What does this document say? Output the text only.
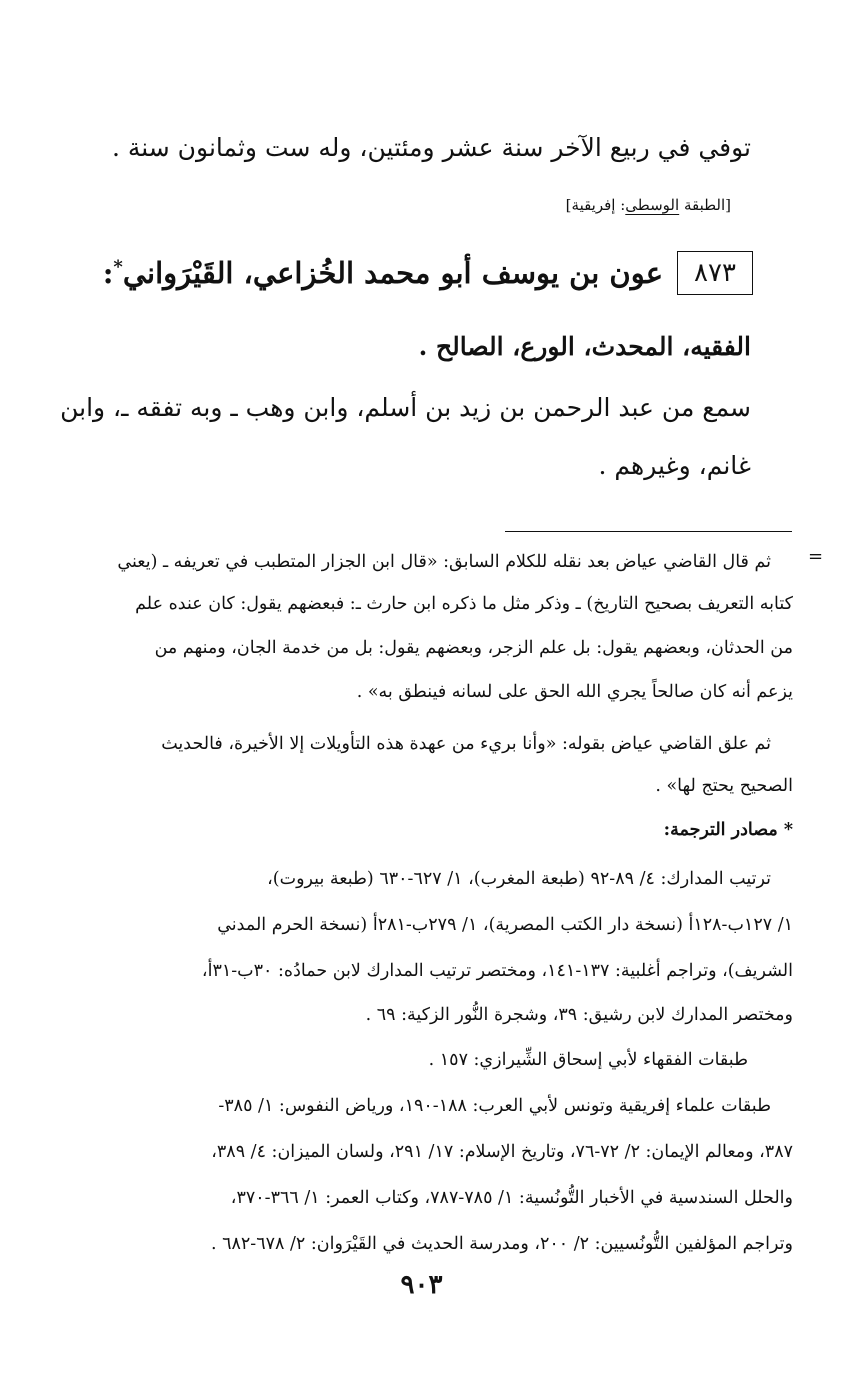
توفي في ربيع الآخر سنة عشر ومئتين، وله ست وثمانون سنة .
[الطبقة الوسطى: إفريقية]
٨٧٣
عون بن يوسف أبو محمد الخُزاعي، القَيْرَواني*:
الفقيه، المحدث، الورع، الصالح .
سمع من عبد الرحمن بن زيد بن أسلم، وابن وهب ـ وبه تفقه ـ، وابن
غانم، وغيرهم .
=
ثم قال القاضي عياض بعد نقله للكلام السابق: «قال ابن الجزار المتطبب في تعريفه ـ (يعني
كتابه التعريف بصحيح التاريخ) ـ وذكر مثل ما ذكره ابن حارث ـ: فبعضهم يقول: كان عنده علم
من الحدثان، وبعضهم يقول: بل علم الزجر، وبعضهم يقول: بل من خدمة الجان، ومنهم من
يزعم أنه كان صالحاً يجري الله الحق على لسانه فينطق به» .
ثم علق القاضي عياض بقوله: «وأنا بريء من عهدة هذه التأويلات إلا الأخيرة، فالحديث
الصحيح يحتج لها» .
* مصادر الترجمة:
ترتيب المدارك: ٤/ ٨٩-٩٢ (طبعة المغرب)، ١/ ٦٢٧-٦٣٠ (طبعة بيروت)،
١/ ١٢٧ب-١٢٨أ (نسخة دار الكتب المصرية)، ١/ ٢٧٩ب-٢٨١أ (نسخة الحرم المدني
الشريف)، وتراجم أغلبية: ١٣٧-١٤١، ومختصر ترتيب المدارك لابن حمادُه: ٣٠ب-٣١أ،
ومختصر المدارك لابن رشيق: ٣٩، وشجرة النُّور الزكية: ٦٩ .
طبقات الفقهاء لأبي إسحاق الشِّيرازي: ١٥٧ .
طبقات علماء إفريقية وتونس لأبي العرب: ١٨٨-١٩٠، ورياض النفوس: ١/ ٣٨٥-
٣٨٧، ومعالم الإيمان: ٢/ ٧٢-٧٦، وتاريخ الإسلام: ١٧/ ٢٩١، ولسان الميزان: ٤/ ٣٨٩،
والحلل السندسية في الأخبار التُّونُسية: ١/ ٧٨٥-٧٨٧، وكتاب العمر: ١/ ٣٦٦-٣٧٠،
وتراجم المؤلفين التُّونُسيين: ٢/ ٢٠٠، ومدرسة الحديث في القَيْرَوان: ٢/ ٦٧٨-٦٨٢ .
٩٠٣
